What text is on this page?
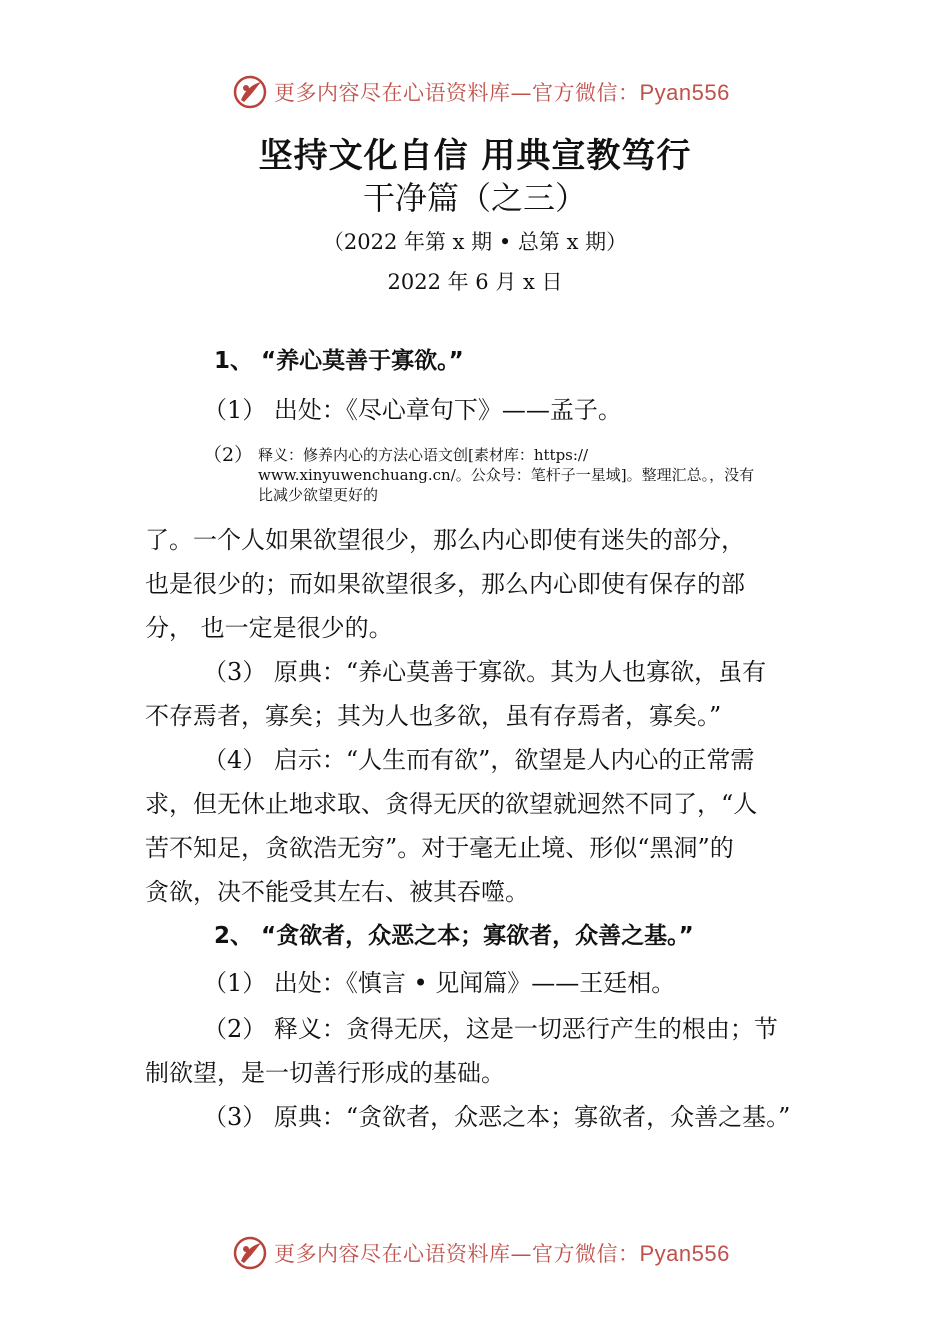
更多内容尽在心语资料库—官方微信：Pyan556
坚持文化自信 用典宣教笃行
干净篇（之三）
（2022 年第 x 期 • 总第 x 期）
2022 年 6 月 x 日
1、 “养心莫善于寡欲。”
（1） 出处：《尽心章句下》——孟子。
（2） 释义：修养内心的方法心语文创[素材库：https://
www.xinyuwenchuang.cn/。公众号：笔杆子一星域]。整理汇总。，没有
比减少欲望更好的
了。一个人如果欲望很少，那么内心即使有迷失的部分，
也是很少的；而如果欲望很多，那么内心即使有保存的部
分， 也一定是很少的。
（3） 原典：“养心莫善于寡欲。其为人也寡欲，虽有
不存焉者，寡矣；其为人也多欲，虽有存焉者，寡矣。”
（4） 启示：“人生而有欲”，欲望是人内心的正常需
求，但无休止地求取、贪得无厌的欲望就迥然不同了，“人
苦不知足，贪欲浩无穷”。对于毫无止境、形似“黑洞”的
贪欲，决不能受其左右、被其吞噬。
2、 “贪欲者，众恶之本；寡欲者，众善之基。”
（1） 出处：《慎言 • 见闻篇》——王廷相。
（2） 释义：贪得无厌，这是一切恶行产生的根由；节
制欲望，是一切善行形成的基础。
（3） 原典：“贪欲者，众恶之本；寡欲者，众善之基。”
更多内容尽在心语资料库—官方微信：Pyan556
